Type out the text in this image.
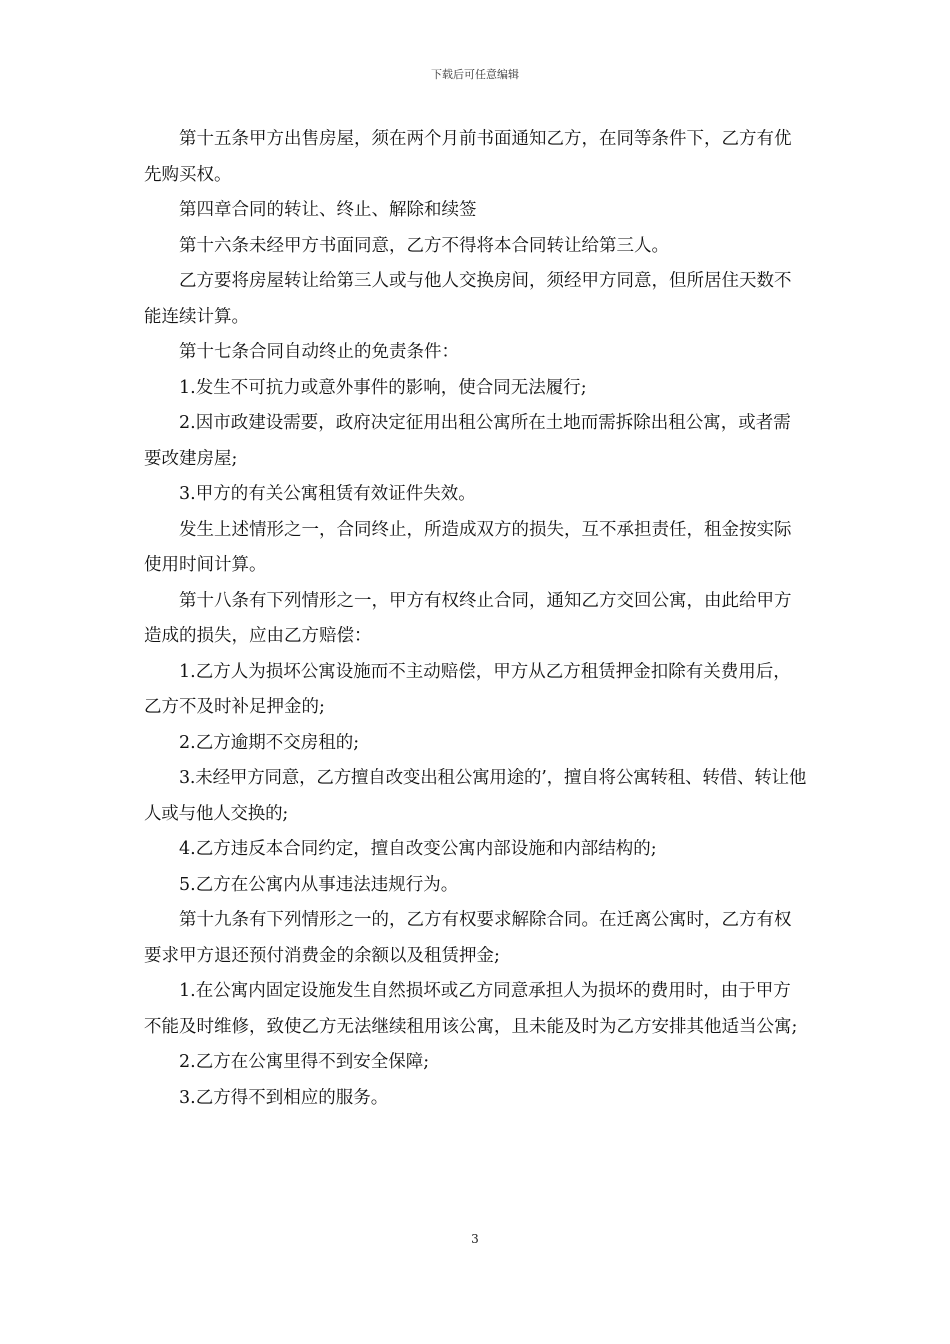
下载后可任意编辑

第十五条甲方出售房屋，须在两个月前书面通知乙方，在同等条件下，乙方有优先购买权。

第四章合同的转让、终止、解除和续签

第十六条未经甲方书面同意，乙方不得将本合同转让给第三人。

乙方要将房屋转让给第三人或与他人交换房间，须经甲方同意，但所居住天数不能连续计算。

第十七条合同自动终止的免责条件：

1.发生不可抗力或意外事件的影响，使合同无法履行;

2.因市政建设需要，政府决定征用出租公寓所在土地而需拆除出租公寓，或者需要改建房屋;

3.甲方的有关公寓租赁有效证件失效。

发生上述情形之一，合同终止，所造成双方的损失，互不承担责任，租金按实际使用时间计算。

第十八条有下列情形之一，甲方有权终止合同，通知乙方交回公寓，由此给甲方造成的损失，应由乙方赔偿：

1.乙方人为损坏公寓设施而不主动赔偿，甲方从乙方租赁押金扣除有关费用后，乙方不及时补足押金的;

2.乙方逾期不交房租的;

3.未经甲方同意，乙方擅自改变出租公寓用途的’，擅自将公寓转租、转借、转让他人或与他人交换的;

4.乙方违反本合同约定，擅自改变公寓内部设施和内部结构的;

5.乙方在公寓内从事违法违规行为。

第十九条有下列情形之一的，乙方有权要求解除合同。在迁离公寓时，乙方有权要求甲方退还预付消费金的余额以及租赁押金;

1.在公寓内固定设施发生自然损坏或乙方同意承担人为损坏的费用时，由于甲方不能及时维修，致使乙方无法继续租用该公寓，且未能及时为乙方安排其他适当公寓;

2.乙方在公寓里得不到安全保障;

3.乙方得不到相应的服务。

3
